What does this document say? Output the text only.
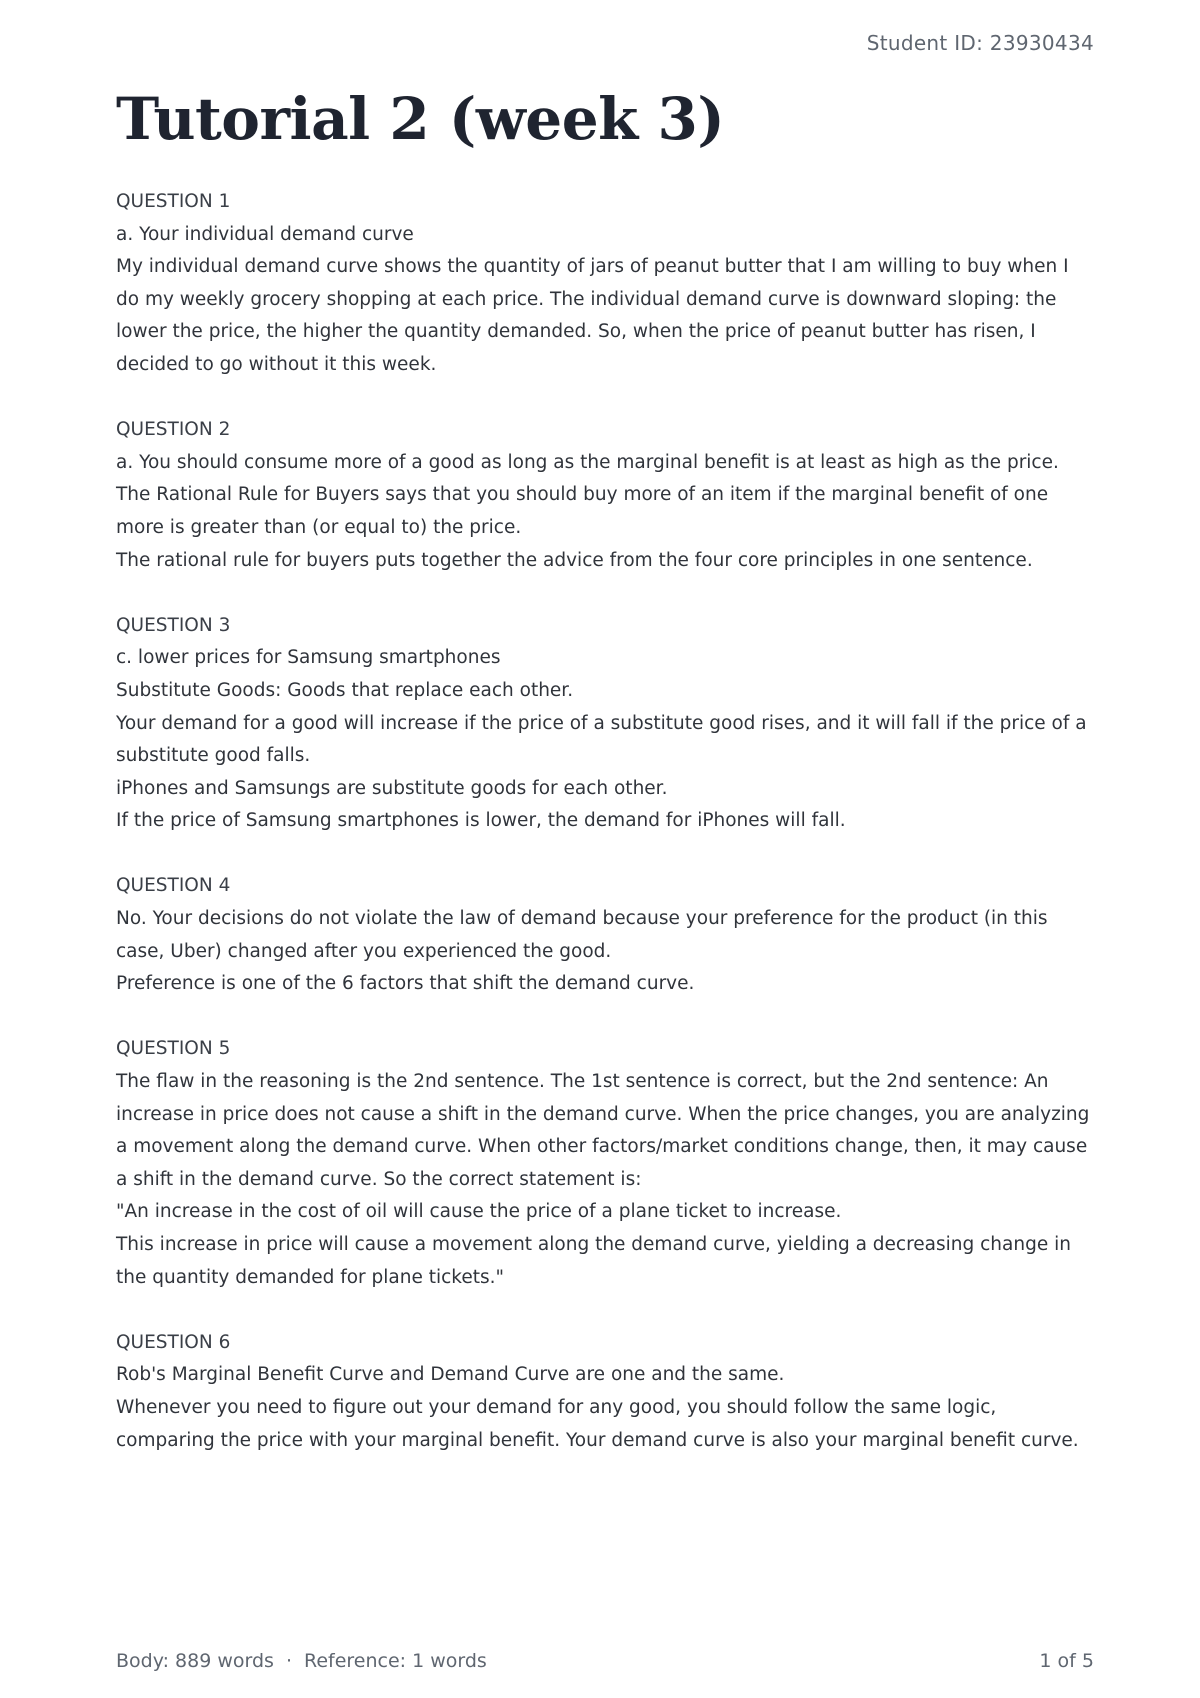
Student ID: 23930434
Tutorial 2 (week 3)
QUESTION 1
a. Your individual demand curve
My individual demand curve shows the quantity of jars of peanut butter that I am willing to buy when I do my weekly grocery shopping at each price. The individual demand curve is downward sloping: the lower the price, the higher the quantity demanded. So, when the price of peanut butter has risen, I decided to go without it this week.
QUESTION 2
a. You should consume more of a good as long as the marginal benefit is at least as high as the price.
The Rational Rule for Buyers says that you should buy more of an item if the marginal benefit of one more is greater than (or equal to) the price.
The rational rule for buyers puts together the advice from the four core principles in one sentence.
QUESTION 3
c. lower prices for Samsung smartphones
Substitute Goods: Goods that replace each other.
Your demand for a good will increase if the price of a substitute good rises, and it will fall if the price of a substitute good falls.
iPhones and Samsungs are substitute goods for each other.
If the price of Samsung smartphones is lower, the demand for iPhones will fall.
QUESTION 4
No. Your decisions do not violate the law of demand because your preference for the product (in this case, Uber) changed after you experienced the good.
Preference is one of the 6 factors that shift the demand curve.
QUESTION 5
The flaw in the reasoning is the 2nd sentence. The 1st sentence is correct, but the 2nd sentence: An increase in price does not cause a shift in the demand curve. When the price changes, you are analyzing a movement along the demand curve. When other factors/market conditions change, then, it may cause a shift in the demand curve. So the correct statement is:
"An increase in the cost of oil will cause the price of a plane ticket to increase.
This increase in price will cause a movement along the demand curve, yielding a decreasing change in the quantity demanded for plane tickets."
QUESTION 6
Rob's Marginal Benefit Curve and Demand Curve are one and the same.
Whenever you need to figure out your demand for any good, you should follow the same logic, comparing the price with your marginal benefit. Your demand curve is also your marginal benefit curve.
Body: 889 words · Reference: 1 words	1 of 5
